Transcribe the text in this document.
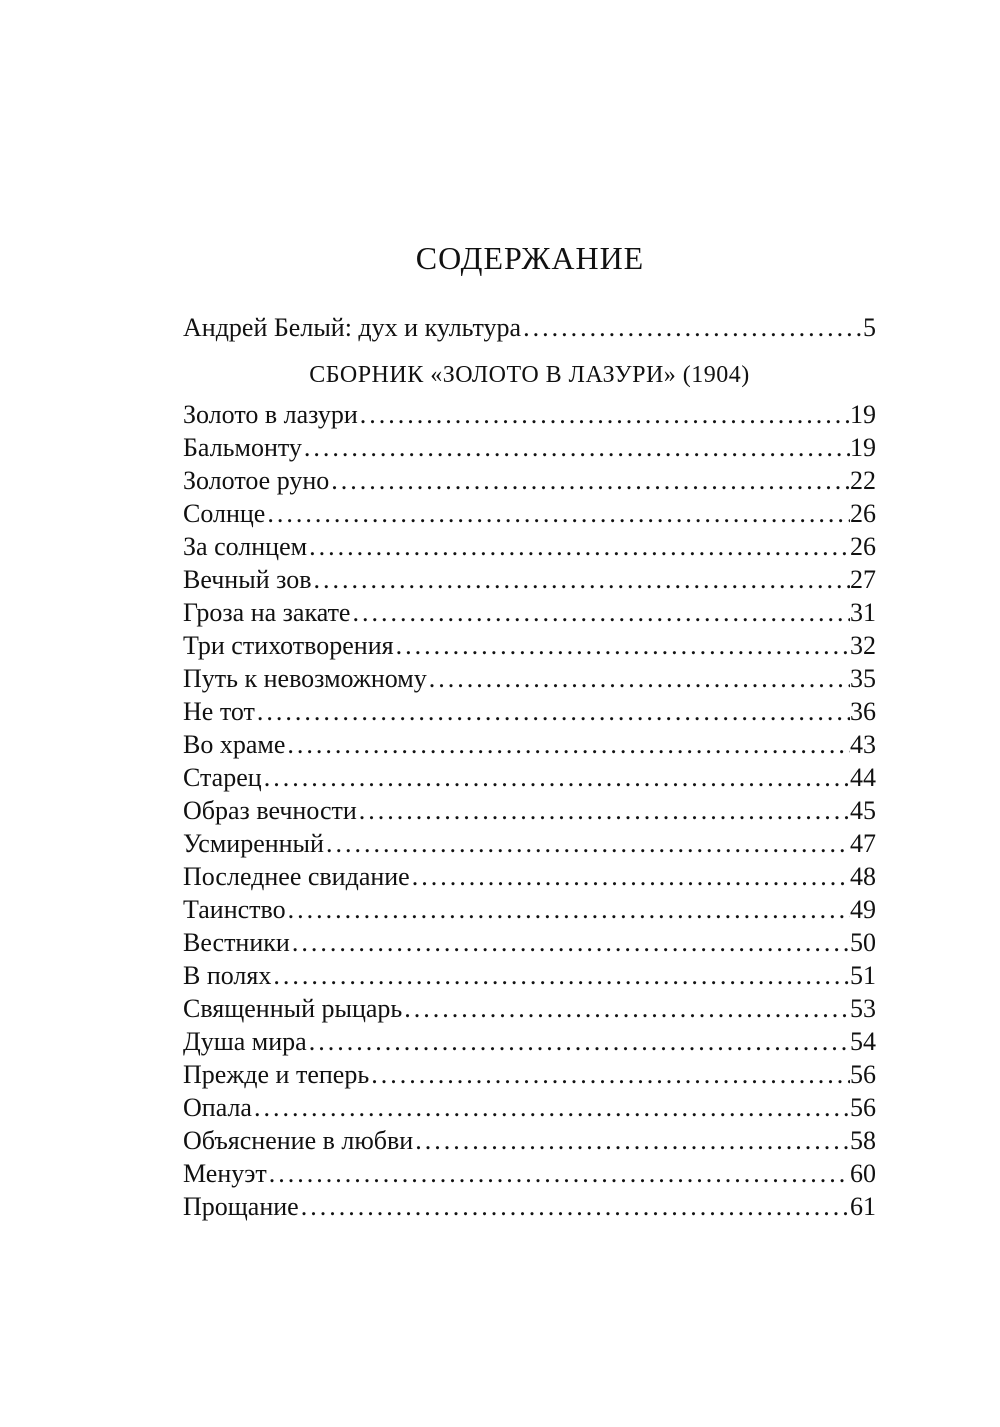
СОДЕРЖАНИЕ
Андрей Белый: дух и культура .....	5
СБОРНИК «ЗОЛОТО В ЛАЗУРИ» (1904)
Золото в лазури .....	19
Бальмонту .....	19
Золотое руно .....	22
Солнце .....	26
За солнцем .....	26
Вечный зов .....	27
Гроза на закате .....	31
Три стихотворения .....	32
Путь к невозможному .....	35
Не тот .....	36
Во храме .....	43
Старец .....	44
Образ вечности .....	45
Усмиренный .....	47
Последнее свидание .....	48
Таинство .....	49
Вестники .....	50
В полях .....	51
Священный рыцарь .....	53
Душа мира .....	54
Прежде и теперь .....	56
Опала .....	56
Объяснение в любви .....	58
Менуэт .....	60
Прощание .....	61
